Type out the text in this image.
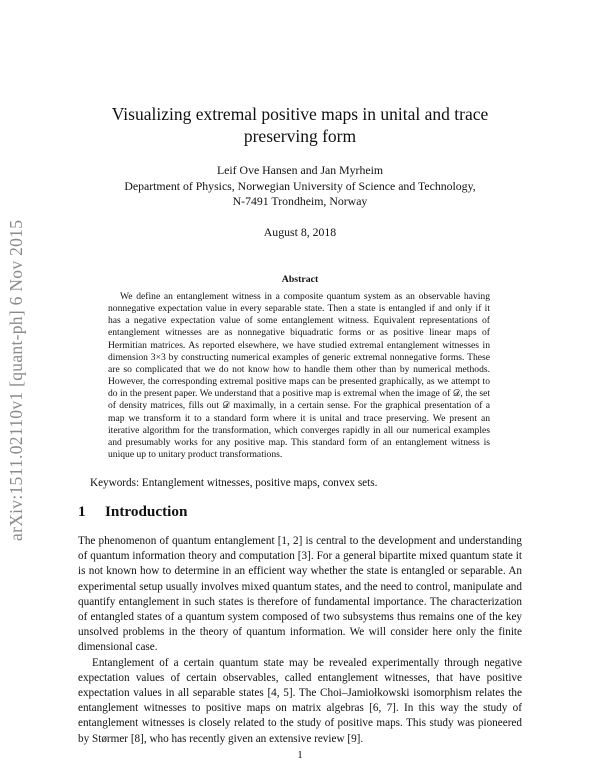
arXiv:1511.02110v1 [quant-ph] 6 Nov 2015
Visualizing extremal positive maps in unital and trace preserving form
Leif Ove Hansen and Jan Myrheim
Department of Physics, Norwegian University of Science and Technology,
N-7491 Trondheim, Norway
August 8, 2018
Abstract

We define an entanglement witness in a composite quantum system as an observable having nonnegative expectation value in every separable state. Then a state is entangled if and only if it has a negative expectation value of some entanglement witness. Equivalent representations of entanglement witnesses are as nonnegative biquadratic forms or as positive linear maps of Hermitian matrices. As reported elsewhere, we have studied extremal entanglement witnesses in dimension 3×3 by constructing numerical examples of generic extremal nonnegative forms. These are so complicated that we do not know how to handle them other than by numerical methods. However, the corresponding extremal positive maps can be presented graphically, as we attempt to do in the present paper. We understand that a positive map is extremal when the image of 𝒟, the set of density matrices, fills out 𝒟 maximally, in a certain sense. For the graphical presentation of a map we transform it to a standard form where it is unital and trace preserving. We present an iterative algorithm for the transformation, which converges rapidly in all our numerical examples and presumably works for any positive map. This standard form of an entanglement witness is unique up to unitary product transformations.

Keywords: Entanglement witnesses, positive maps, convex sets.
1 Introduction

The phenomenon of quantum entanglement [1, 2] is central to the development and understanding of quantum information theory and computation [3]. For a general bipartite mixed quantum state it is not known how to determine in an efficient way whether the state is entangled or separable. An experimental setup usually involves mixed quantum states, and the need to control, manipulate and quantify entanglement in such states is therefore of fundamental importance. The characterization of entangled states of a quantum system composed of two subsystems thus remains one of the key unsolved problems in the theory of quantum information. We will consider here only the finite dimensional case.

Entanglement of a certain quantum state may be revealed experimentally through negative expectation values of certain observables, called entanglement witnesses, that have positive expectation values in all separable states [4, 5]. The Choi–Jamiołkowski isomorphism relates the entanglement witnesses to positive maps on matrix algebras [6, 7]. In this way the study of entanglement witnesses is closely related to the study of positive maps. This study was pioneered by Størmer [8], who has recently given an extensive review [9].

1
